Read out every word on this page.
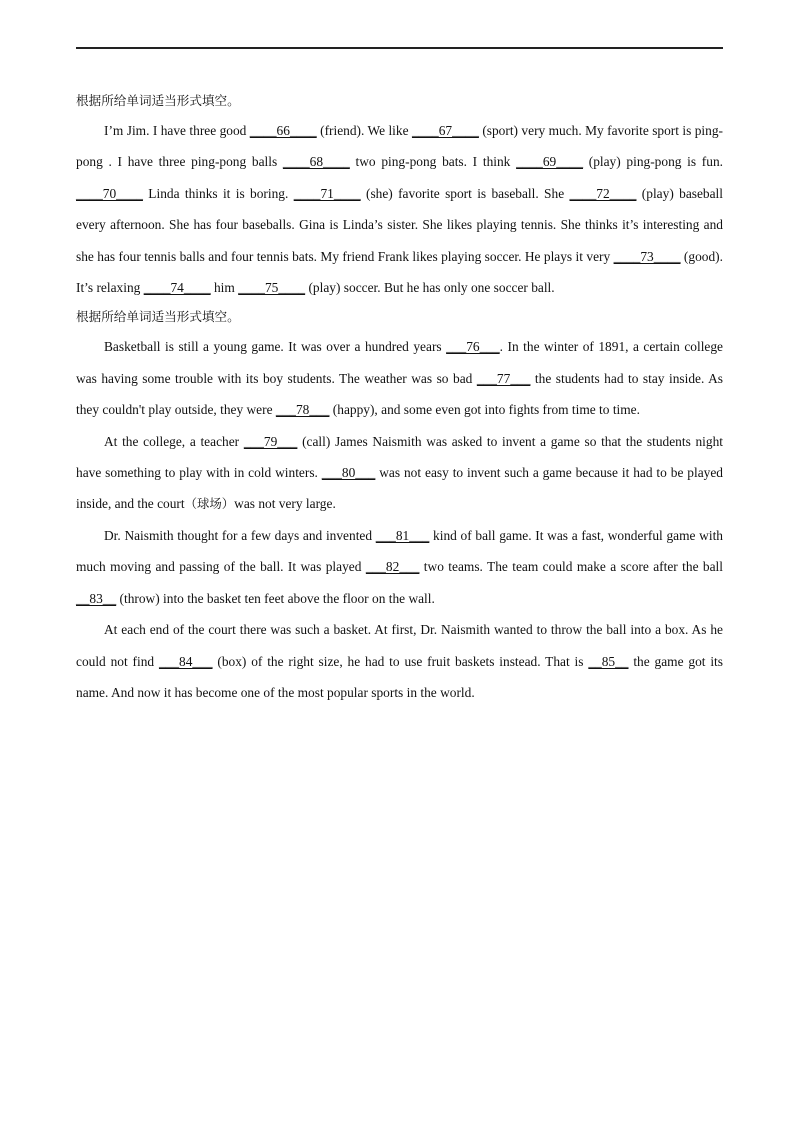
根据所给单词适当形式填空。

I’m Jim. I have three good ____66____ (friend). We like ____67____ (sport) very much. My favorite sport is ping-pong . I have three ping-pong balls ____68____ two ping-pong bats. I think ____69____ (play) ping-pong is fun. ____70____ Linda thinks it is boring. ____71____ (she) favorite sport is baseball. She ____72____ (play) baseball every afternoon. She has four baseballs. Gina is Linda’s sister. She likes playing tennis. She thinks it’s interesting and she has four tennis balls and four tennis bats. My friend Frank likes playing soccer. He plays it very ____73____ (good). It’s relaxing ____74____ him ____75____ (play) soccer. But he has only one soccer ball.

根据所给单词适当形式填空。

Basketball is still a young game. It was over a hundred years ___76___. In the winter of 1891, a certain college was having some trouble with its boy students. The weather was so bad ___77___ the students had to stay inside. As they couldn't play outside, they were ___78___ (happy), and some even got into fights from time to time.

At the college, a teacher ___79___ (call) James Naismith was asked to invent a game so that the students night have something to play with in cold winters. ___80___ was not easy to invent such a game because it had to be played inside, and the court（球场）was not very large.

Dr. Naismith thought for a few days and invented ___81___ kind of ball game. It was a fast, wonderful game with much moving and passing of the ball. It was played ___82___ two teams. The team could make a score after the ball __83__ (throw) into the basket ten feet above the floor on the wall.

At each end of the court there was such a basket. At first, Dr. Naismith wanted to throw the ball into a box. As he could not find ___84___ (box) of the right size, he had to use fruit baskets instead. That is __85__ the game got its name. And now it has become one of the most popular sports in the world.
